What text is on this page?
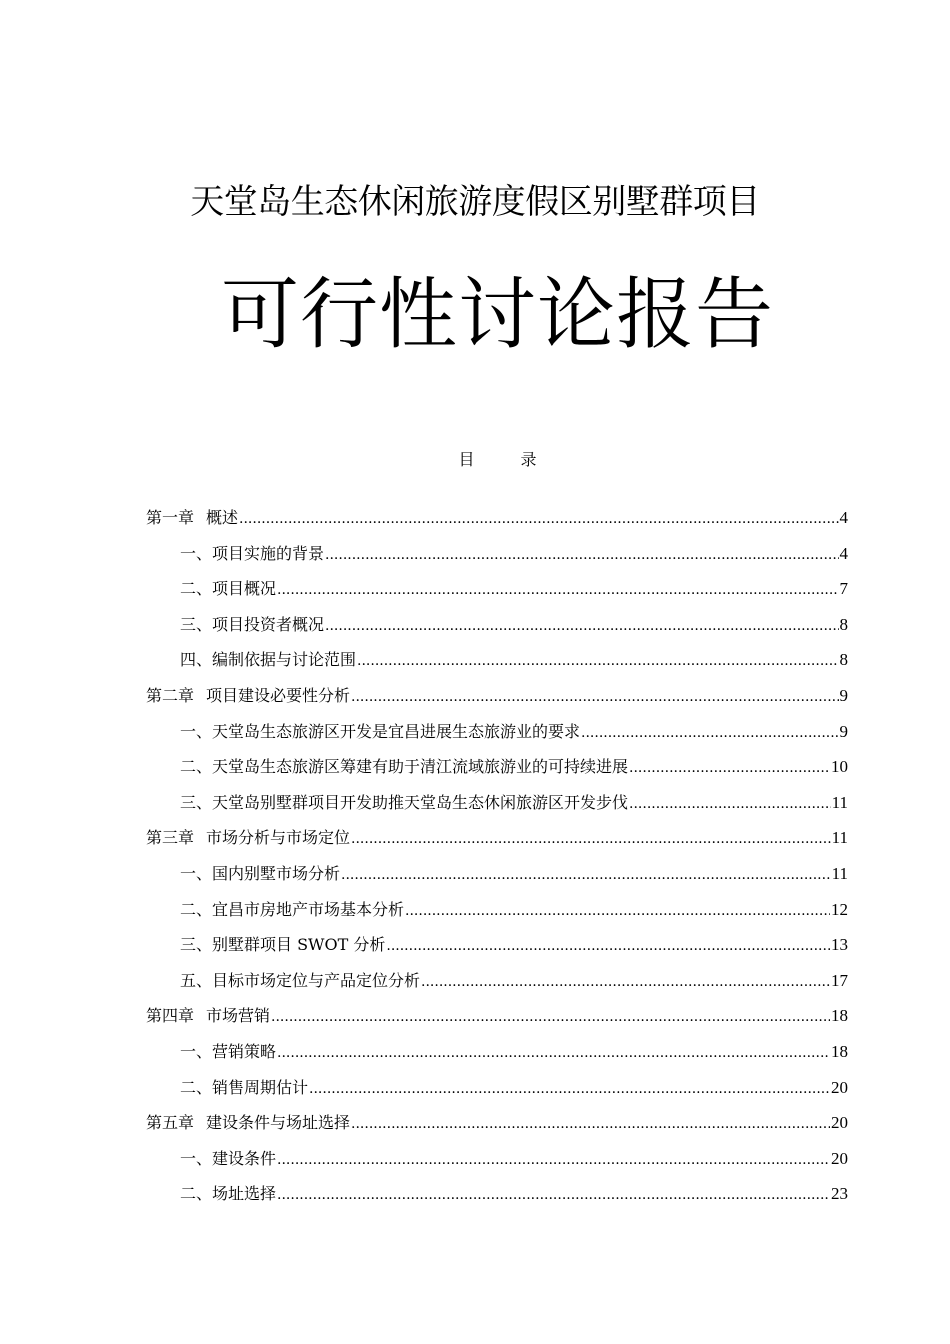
天堂岛生态休闲旅游度假区别墅群项目
可行性讨论报告
目	录
第一章 概述 .....	4
一、项目实施的背景 .....	4
二、项目概况 .....	7
三、项目投资者概况 .....	8
四、编制依据与讨论范围 .....	8
第二章 项目建设必要性分析 .....	9
一、天堂岛生态旅游区开发是宜昌进展生态旅游业的要求 .....	9
二、天堂岛生态旅游区筹建有助于清江流域旅游业的可持续进展 .....	10
三、天堂岛别墅群项目开发助推天堂岛生态休闲旅游区开发步伐 .....	11
第三章 市场分析与市场定位 .....	11
一、国内别墅市场分析 .....	11
二、宜昌市房地产市场基本分析 .....	12
三、别墅群项目 SWOT 分析 .....	13
五、目标市场定位与产品定位分析 .....	17
第四章 市场营销 .....	18
一、营销策略 .....	18
二、销售周期估计 .....	20
第五章 建设条件与场址选择 .....	20
一、建设条件 .....	20
二、场址选择 .....	23
